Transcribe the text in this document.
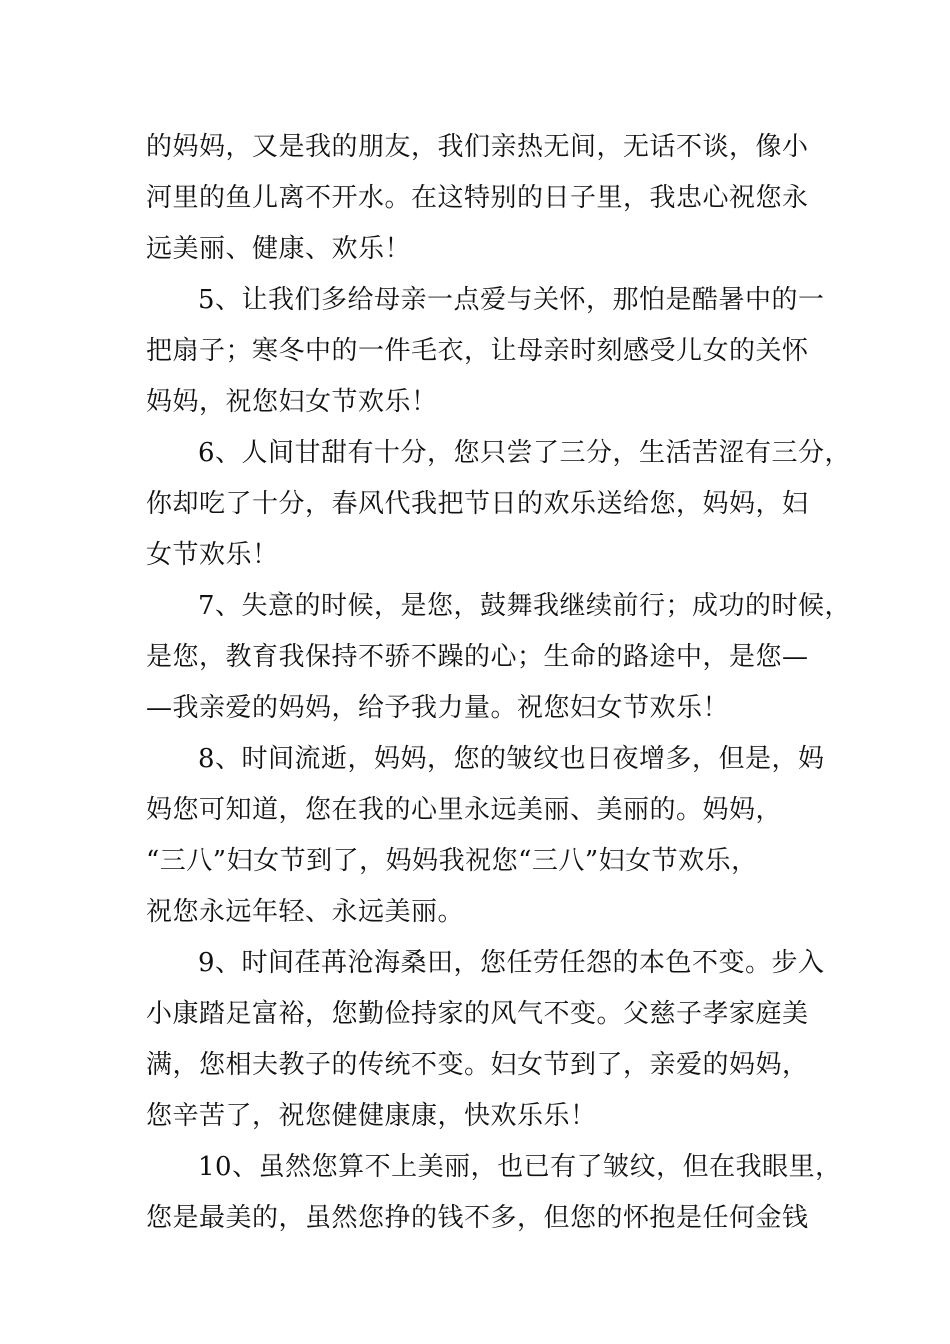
的妈妈，又是我的朋友，我们亲热无间，无话不谈，像小
河里的鱼儿离不开水。在这特别的日子里，我忠心祝您永
远美丽、健康、欢乐！
5、让我们多给母亲一点爱与关怀，那怕是酷暑中的一
把扇子；寒冬中的一件毛衣，让母亲时刻感受儿女的关怀
妈妈，祝您妇女节欢乐！
6、人间甘甜有十分，您只尝了三分，生活苦涩有三分，
你却吃了十分，春风代我把节日的欢乐送给您，妈妈，妇
女节欢乐！
7、失意的时候，是您，鼓舞我继续前行；成功的时候，
是您，教育我保持不骄不躁的心；生命的路途中，是您—
—我亲爱的妈妈，给予我力量。祝您妇女节欢乐！
8、时间流逝，妈妈，您的皱纹也日夜增多，但是，妈
妈您可知道，您在我的心里永远美丽、美丽的。妈妈，
“三八”妇女节到了，妈妈我祝您“三八”妇女节欢乐，
祝您永远年轻、永远美丽。
9、时间荏苒沧海桑田，您任劳任怨的本色不变。步入
小康踏足富裕，您勤俭持家的风气不变。父慈子孝家庭美
满，您相夫教子的传统不变。妇女节到了，亲爱的妈妈，
您辛苦了，祝您健健康康，快欢乐乐！
10、虽然您算不上美丽，也已有了皱纹，但在我眼里，
您是最美的，虽然您挣的钱不多，但您的怀抱是任何金钱
